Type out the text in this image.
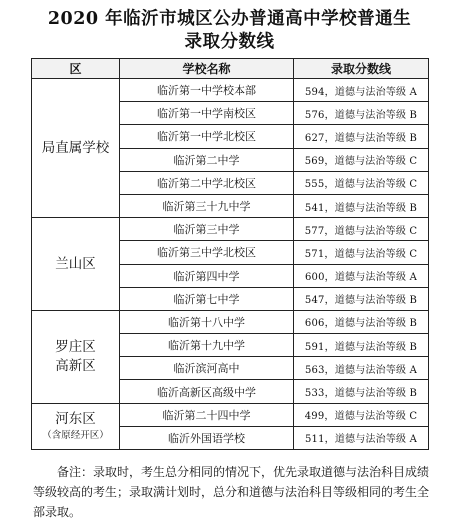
2020 年临沂市城区公办普通高中学校普通生
录取分数线
区	学校名称	录取分数线
局直属学校	临沂第一中学校本部	594，道德与法治等级 A
	临沂第一中学南校区	576，道德与法治等级 B
	临沂第一中学北校区	627，道德与法治等级 B
	临沂第二中学	569，道德与法治等级 C
	临沂第二中学北校区	555，道德与法治等级 C
	临沂第三十九中学	541，道德与法治等级 B
兰山区	临沂第三中学	577，道德与法治等级 C
	临沂第三中学北校区	571，道德与法治等级 C
	临沂第四中学	600，道德与法治等级 A
	临沂第七中学	547，道德与法治等级 B

罗庄区
高新区	临沂第十八中学	606，道德与法治等级 B
	临沂第十九中学	591，道德与法治等级 B
	临沂滨河高中	563，道德与法治等级 A
	临沂高新区高级中学	533，道德与法治等级 B

河东区
（含原经开区）	临沂第二十四中学	499，道德与法治等级 C
	临沂外国语学校	511，道德与法治等级 A
备注：录取时，考生总分相同的情况下，优先录取道德与法治科目成绩等级较高的考生；录取满计划时，总分和道德与法治科目等级相同的考生全部录取。
